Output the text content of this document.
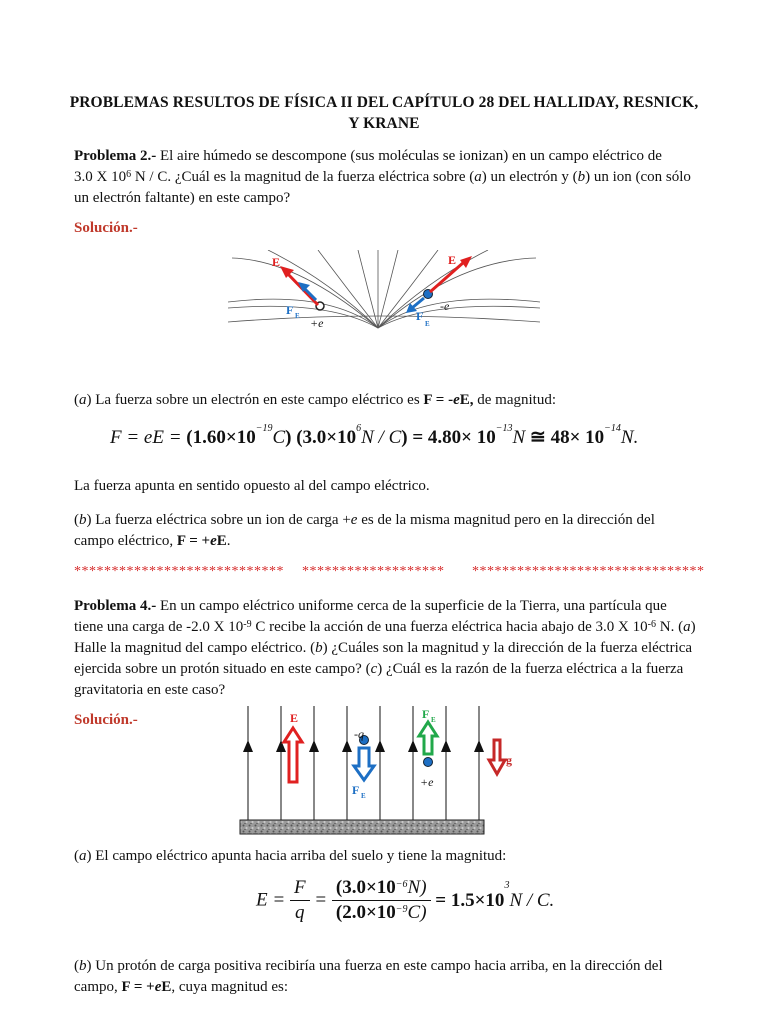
PROBLEMAS RESULTOS DE FÍSICA II DEL CAPÍTULO 28 DEL HALLIDAY, RESNICK,
Y KRANE
Problema 2.- El aire húmedo se descompone (sus moléculas se ionizan) en un campo eléctrico de
3.0 X $10^6$ N / C. ¿Cuál es la magnitud de la fuerza eléctrica sobre (a) un electrón y (b) un ion (con sólo
un electrón faltante) en este campo?
Solución.-
E	E
F E	F
E
+e
-e
(a) La fuerza sobre un electrón en este campo eléctrico es F = -eE, de magnitud:
F = eE = $(1.60\times 10^{-19}C)$ $(3.0\times 10^6N / C) = 4.80\times 10^{-13}N$ ≅ $48\times 10^{-14}N$.
La fuerza apunta en sentido opuesto al del campo eléctrico.
(b) La fuerza eléctrica sobre un ion de carga +e es de la misma magnitud pero en la dirección del
campo eléctrico, F = +eE.
**************************** ******************* *******************************
Problema 4.- En un campo eléctrico uniforme cerca de la superficie de la Tierra, una partícula que
tiene una carga de -2.0 X $10^{-9}$ C recibe la acción de una fuerza eléctrica hacia abajo de 3.0 X $10^{-6}$ N. (a)
Halle la magnitud del campo eléctrico. (b) ¿Cuáles son la magnitud y la dirección de la fuerza eléctrica
ejercida sobre un protón situado en este campo? (c) ¿Cuál es la razón de la fuerza eléctrica a la fuerza
gravitatoria en este caso?
Solución.-	E
-q
F E
F E
+e
g
(a) El campo eléctrico apunta hacia arriba del suelo y tiene la magnitud:
$E = \frac{F}{q} = \frac{(3.0\times 10^{-6}N)}{(2.0\times 10^{-9}C)} = 1.5\times 10^3N / C$.
(b) Un protón de carga positiva recibiría una fuerza en este campo hacia arriba, en la dirección del
campo, F = +eE, cuya magnitud es:
